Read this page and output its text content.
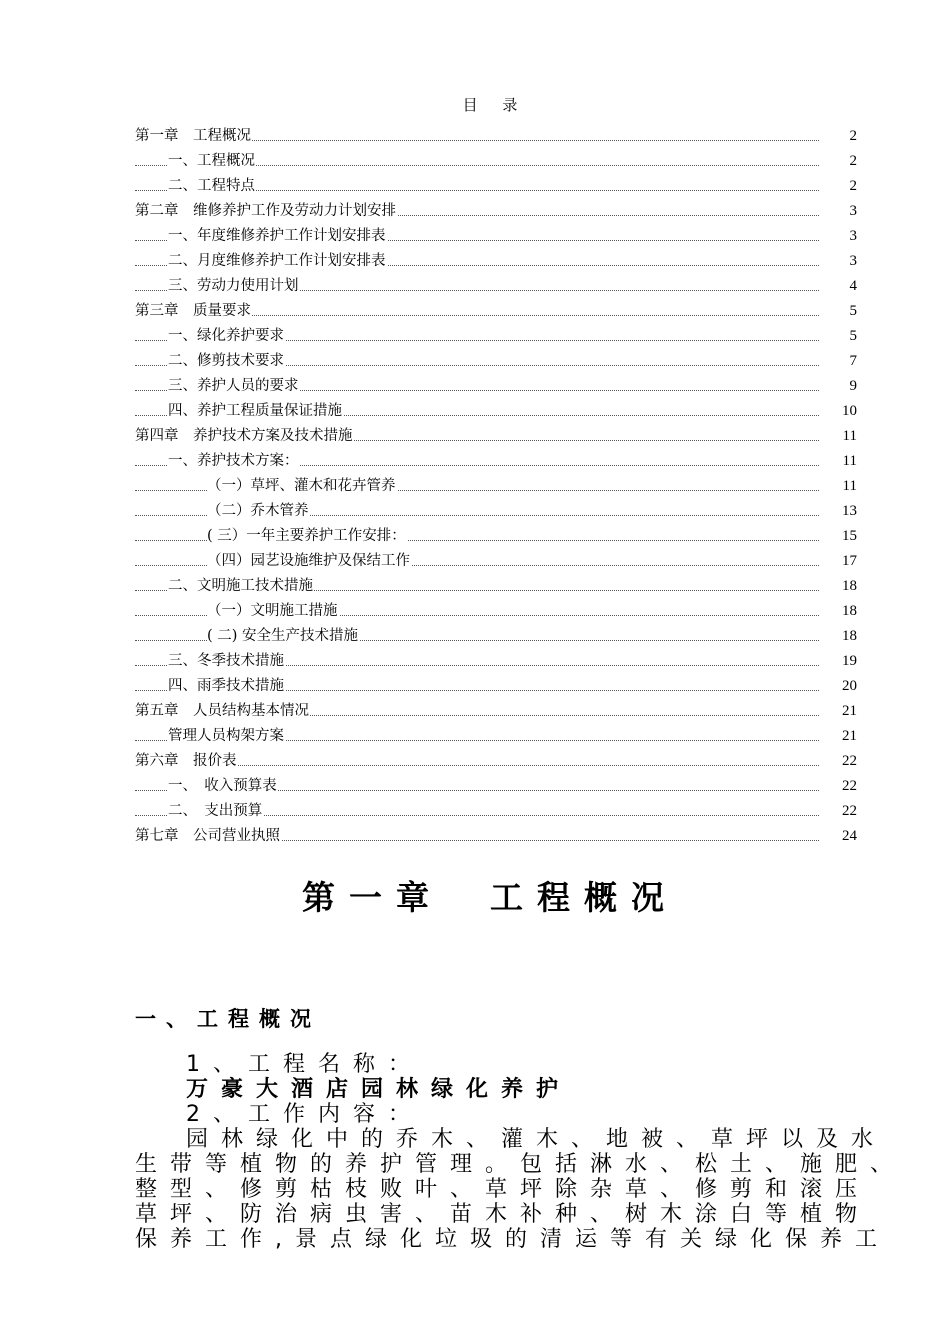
目 录
第一章　工程概况	2
一、工程概况	2
二、工程特点	2
第二章　维修养护工作及劳动力计划安排	3
一、年度维修养护工作计划安排表	3
二、月度维修养护工作计划安排表	3
三、劳动力使用计划	4
第三章　质量要求	5
一、绿化养护要求	5
二、修剪技术要求	7
三、养护人员的要求	9
四、养护工程质量保证措施	10
第四章　养护技术方案及技术措施	11
一、养护技术方案：	11
（一）草坪、灌木和花卉管养	11
（二）乔木管养	13
( 三）一年主要养护工作安排：	15
（四）园艺设施维护及保结工作	17
二、文明施工技术措施	18
（一）文明施工措施	18
( 二) 安全生产技术措施	18
三、冬季技术措施	19
四、雨季技术措施	20
第五章　人员结构基本情况	21
管理人员构架方案	21
第六章　报价表	22
一、　收入预算表	22
二、　支出预算	22
第七章　公司营业执照	24
第一章　工程概况
一、工程概况
1、工程名称：
万豪大酒店园林绿化养护
2、工作内容：
园林绿化中的乔木、灌木、地被、草坪以及水
生带等植物的养护管理。包括淋水、松土、施肥、
整型、修剪枯枝败叶、草坪除杂草、修剪和滚压
草坪、防治病虫害、苗木补种、树木涂白等植物
保养工作,景点绿化垃圾的清运等有关绿化保养工
